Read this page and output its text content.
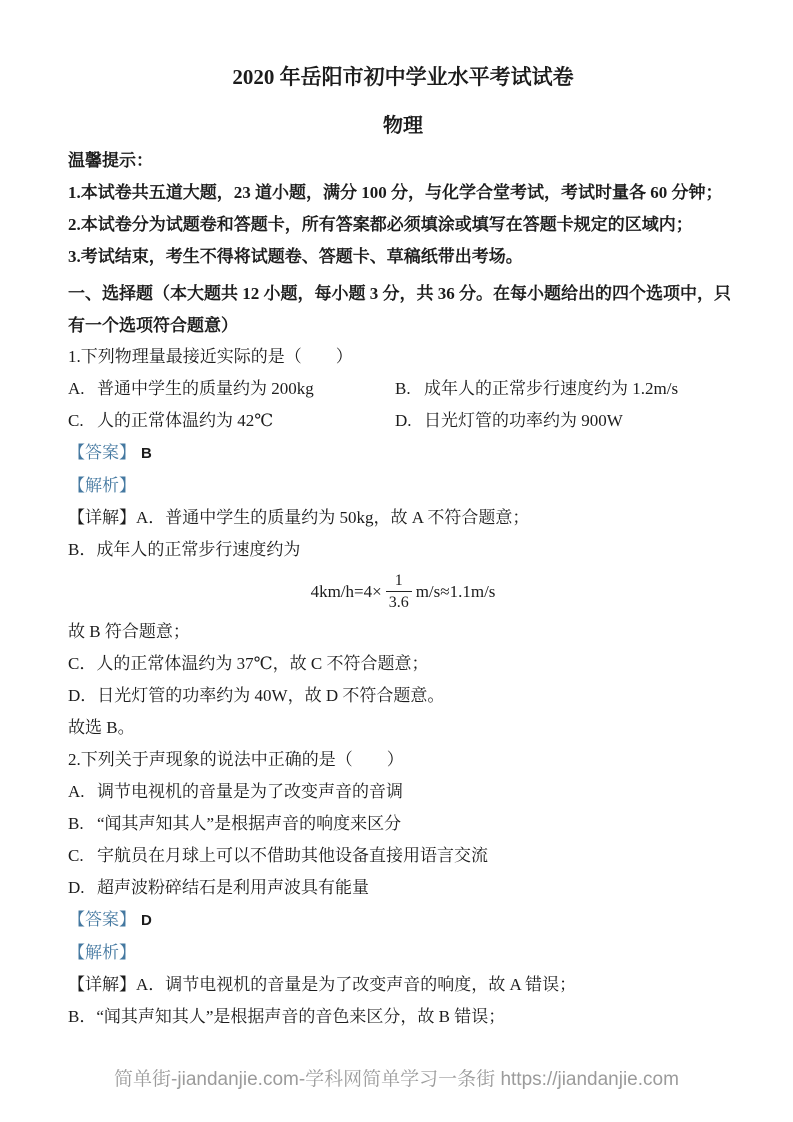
2020 年岳阳市初中学业水平考试试卷
物理

温馨提示：

1.本试卷共五道大题，23 道小题，满分 100 分，与化学合堂考试，考试时量各 60 分钟；

2.本试卷分为试题卷和答题卡，所有答案都必须填涂或填写在答题卡规定的区域内；

3.考试结束，考生不得将试题卷、答题卡、草稿纸带出考场。

一、选择题（本大题共 12 小题，每小题 3 分，共 36 分。在每小题给出的四个选项中，只有一个选项符合题意）

1.下列物理量最接近实际的是（　　）

A. 普通中学生的质量约为 200kg	B. 成年人的正常步行速度约为 1.2m/s
C. 人的正常体温约为 42℃	D. 日光灯管的功率约为 900W

【答案】 B

【解析】

【详解】A．普通中学生的质量约为 50kg，故 A 不符合题意；

B．成年人的正常步行速度约为

$4km/h=4\times \frac{1}{3.6} m/s\approx 1.1m/s$

故 B 符合题意；

C．人的正常体温约为 37℃，故 C 不符合题意；

D．日光灯管的功率约为 40W，故 D 不符合题意。

故选 B。

2.下列关于声现象的说法中正确的是（　　）

A. 调节电视机的音量是为了改变声音的音调

B. “闻其声知其人”是根据声音的响度来区分

C. 宇航员在月球上可以不借助其他设备直接用语言交流

D. 超声波粉碎结石是利用声波具有能量

【答案】 D

【解析】

【详解】A．调节电视机的音量是为了改变声音的响度，故 A 错误；

B．“闻其声知其人”是根据声音的音色来区分，故 B 错误；

简单街-jiandanjie.com-学科网简单学习一条街 https://jiandanjie.com
